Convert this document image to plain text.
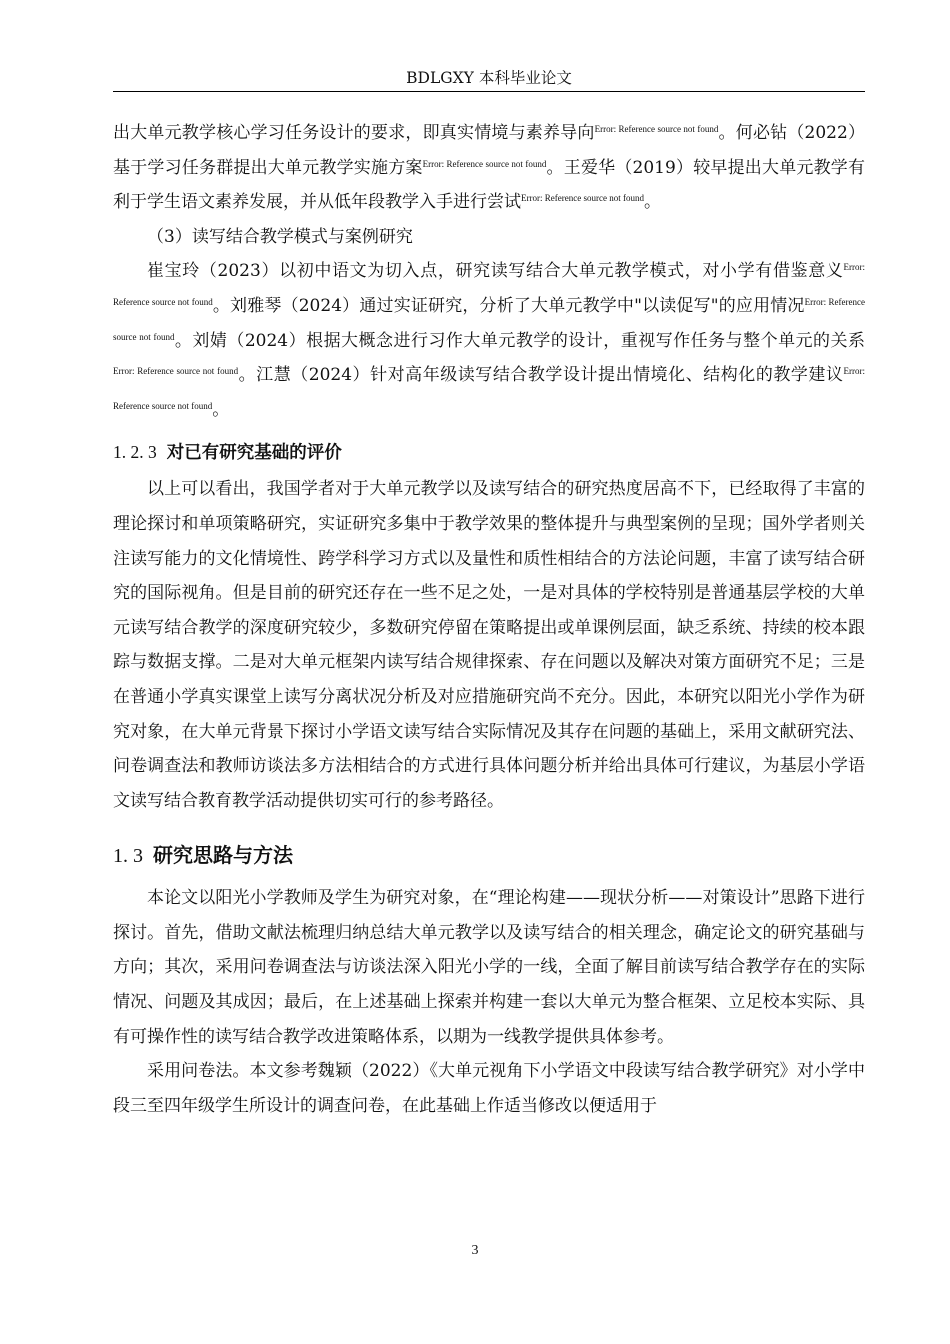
BDLGXY 本科毕业论文

出大单元教学核心学习任务设计的要求，即真实情境与素养导向$^{Error: Reference source not found}$。何必钻（2022）基于学习任务群提出大单元教学实施方案$^{Error: Reference source not found}$。王爱华（2019）较早提出大单元教学有利于学生语文素养发展，并从低年段教学入手进行尝试$^{Error: Reference source not found}$。

（3）读写结合教学模式与案例研究

崔宝玲（2023）以初中语文为切入点，研究读写结合大单元教学模式，对小学有借鉴意义$^{Error: Reference source not found}$。刘雅琴（2024）通过实证研究，分析了大单元教学中"以读促写"的应用情况$^{Error: Reference source not found}$。刘婧（2024）根据大概念进行习作大单元教学的设计，重视写作任务与整个单元的关系$^{Error: Reference source not found}$。江慧（2024）针对高年级读写结合教学设计提出情境化、结构化的教学建议$^{Error: Reference source not found}$。

1. 2. 3 对已有研究基础的评价

以上可以看出，我国学者对于大单元教学以及读写结合的研究热度居高不下，已经取得了丰富的理论探讨和单项策略研究，实证研究多集中于教学效果的整体提升与典型案例的呈现；国外学者则关注读写能力的文化情境性、跨学科学习方式以及量性和质性相结合的方法论问题，丰富了读写结合研究的国际视角。但是目前的研究还存在一些不足之处，一是对具体的学校特别是普通基层学校的大单元读写结合教学的深度研究较少，多数研究停留在策略提出或单课例层面，缺乏系统、持续的校本跟踪与数据支撑。二是对大单元框架内读写结合规律探索、存在问题以及解决对策方面研究不足；三是在普通小学真实课堂上读写分离状况分析及对应措施研究尚不充分。因此，本研究以阳光小学作为研究对象，在大单元背景下探讨小学语文读写结合实际情况及其存在问题的基础上，采用文献研究法、问卷调查法和教师访谈法多方法相结合的方式进行具体问题分析并给出具体可行建议，为基层小学语文读写结合教育教学活动提供切实可行的参考路径。

1. 3 研究思路与方法

本论文以阳光小学教师及学生为研究对象，在“理论构建——现状分析——对策设计”思路下进行探讨。首先，借助文献法梳理归纳总结大单元教学以及读写结合的相关理念，确定论文的研究基础与方向；其次，采用问卷调查法与访谈法深入阳光小学的一线，全面了解目前读写结合教学存在的实际情况、问题及其成因；最后，在上述基础上探索并构建一套以大单元为整合框架、立足校本实际、具有可操作性的读写结合教学改进策略体系，以期为一线教学提供具体参考。

采用问卷法。本文参考魏颖（2022）《大单元视角下小学语文中段读写结合教学研究》对小学中段三至四年级学生所设计的调查问卷，在此基础上作适当修改以便适用于

3
